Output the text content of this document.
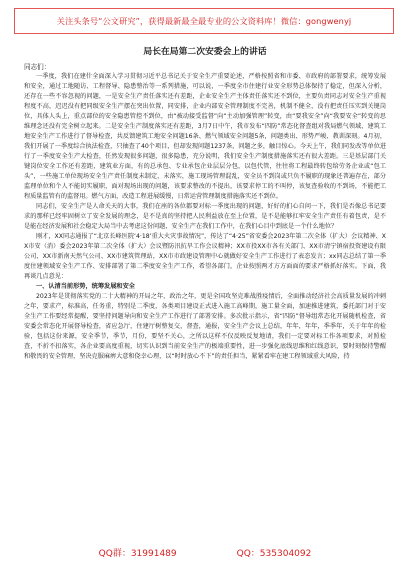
关注头条号“公文研究”，获得最新最全最专业的公文资料库！微信：gongwenyj

局长在局第二次安委会上的讲话

同志们：

一季度，我们在建什全面深入学习贯彻习近平总书记关于安全生产重要论述，严格按照省和市委、市政府的部署要求，统筹发展和安全，通过工地随访、工程督导、隐患整治等一系列措施，可以说，一季度全市住建行业安全形势总体保持了稳定，但深入分析，还存在一些不容忽视的问题，一是安全生产责任落实还有差距，企业安全生产主体责任落实还不到位，主要负责同志对安全生产重视程度不高，迟迟没有把同级安全生产摆在突出位置，同安排，企业内部安全管理制度不完善，机制不健全，没有把责任压实到关键岗位，具体人头上，重点部位的安全隐患管控不到位，由“被动接受监督”向“主动加强管理”转变，由“要我安全”向“我要安全”转变的思维理念还没有完全树立起来。二是安全生产制度落实还有差距，3月7日中午，我市发布“四防”常态化督查组对我局燃气领域、建筑工地安全生产工作进行了督导检查，共反馈建筑工地安全问题16条、燃气领域安全问题5条，问题类出、形势严峻、教训深刻。4月初，我们开展了一季度综合执法检查，只抽查了40个项目，但却发现问题1237条，问题之多，触目惊心。今天上午，我们同发改等单位进行了一季度安全生产大检查，任然发现很多问题，很多隐患，充分说明，我们安全生产制度措施落实还有很大差距。三是基层部门关键岗位安全工作还有差距，建筑业方面，有的总承包、专业承包企业层层分包，以包代管，往往将工程最终转包给劳务企业或“包工头”，一些施工单位现场安全生产责任制度未制定，未落实，施工现场管理混乱，安全员不到岗或只负不履职的现象还普遍存在，部分监理单位和个人不能切实履职，面对现场出现的问题，该要求整改的不提出，该要求停工的不叫停，该复查验收的不到场，不能把工程质量监管有的监督用。燃气方面，改造工程进展缓慢，日常运营管理制度措施落实还不到位。

同志们，安全生产是人命关天的大事，我们在座的各位都要对标一季度出现的问题，好好的扪心自问一下，我们是否像总书记要求的那样已经牢固树立了安全发展的理念，是不是真的坚持把人民利益放在至上位置，是不是能够扛牢安全生产责任有着包责，是不是能在经济发展和社会稳定大局当中去考虑这份问题，安全生产在我们工作中，在我们心目中到底是一个什么地位？

刚才，XX同志通报了“北京长峰医院‘4·18’重大火灾事故情况”，传达了“4·25”省安委会2023年第二次全体（扩大）会议精神、XX市安（消）委会2023年第二次全体（扩大）会议暨防汛抗旱工作会议精神；XX市投XX市各有关部门、XX市清宁镇宿投资建设有限公司、XX市新南天然气公司、XX市建筑管理站，XX市市政建设管理中心就做好安全生产工作进行了表态发言；xx同志总结了第一季度住建领域安全生产工作、安排部署了第二季度安全生产工作，希望各部门，企业按照两才方方面面的要求严格抓好落实。下面，我再谈几点意见：

一、认清当前形势，统筹发展和安全

2023年是贯彻落实党的二十大精神的开局之年，政治之年，更是全国攻坚克难战胜疫情后，全面推动经济社会高质量发展的冲刺之年，要求产，标准高，任务重，特别是二季度，各类项目建设正式进入施工高峰期，施工量全面，加速推进建筑，委托部门对于安全生产工作要经常提醒，要坚持问题导向和安全生产工作进行了部署安排。多次批示指示，省“四防”督导组常态化开展随机检查，省安委会常态化开展督导检查，省应急厅，住建厅树整复交，督查，通报，安全生产会议上总结，年年，年年，季季年，关于年年的检验，包括这份来源，安全季节，季节，月份，要坚不关心，之所以这样不仅反映反复地请，我们一定要对标工作各项要求，对照检查，不折不扣落实，各企业要高度重视，切实认识到当前安全生产的极端重要性，进一步强化底线思维和红线意识，要时刻保持警醒和敬畏的安全管理，坚决克服麻痹大意和侥幸心理，以“时时放心不下”的责任担当，紧紧看牢在建工程领域重大风险，持

QQ群：31991489	QQ：535304092
